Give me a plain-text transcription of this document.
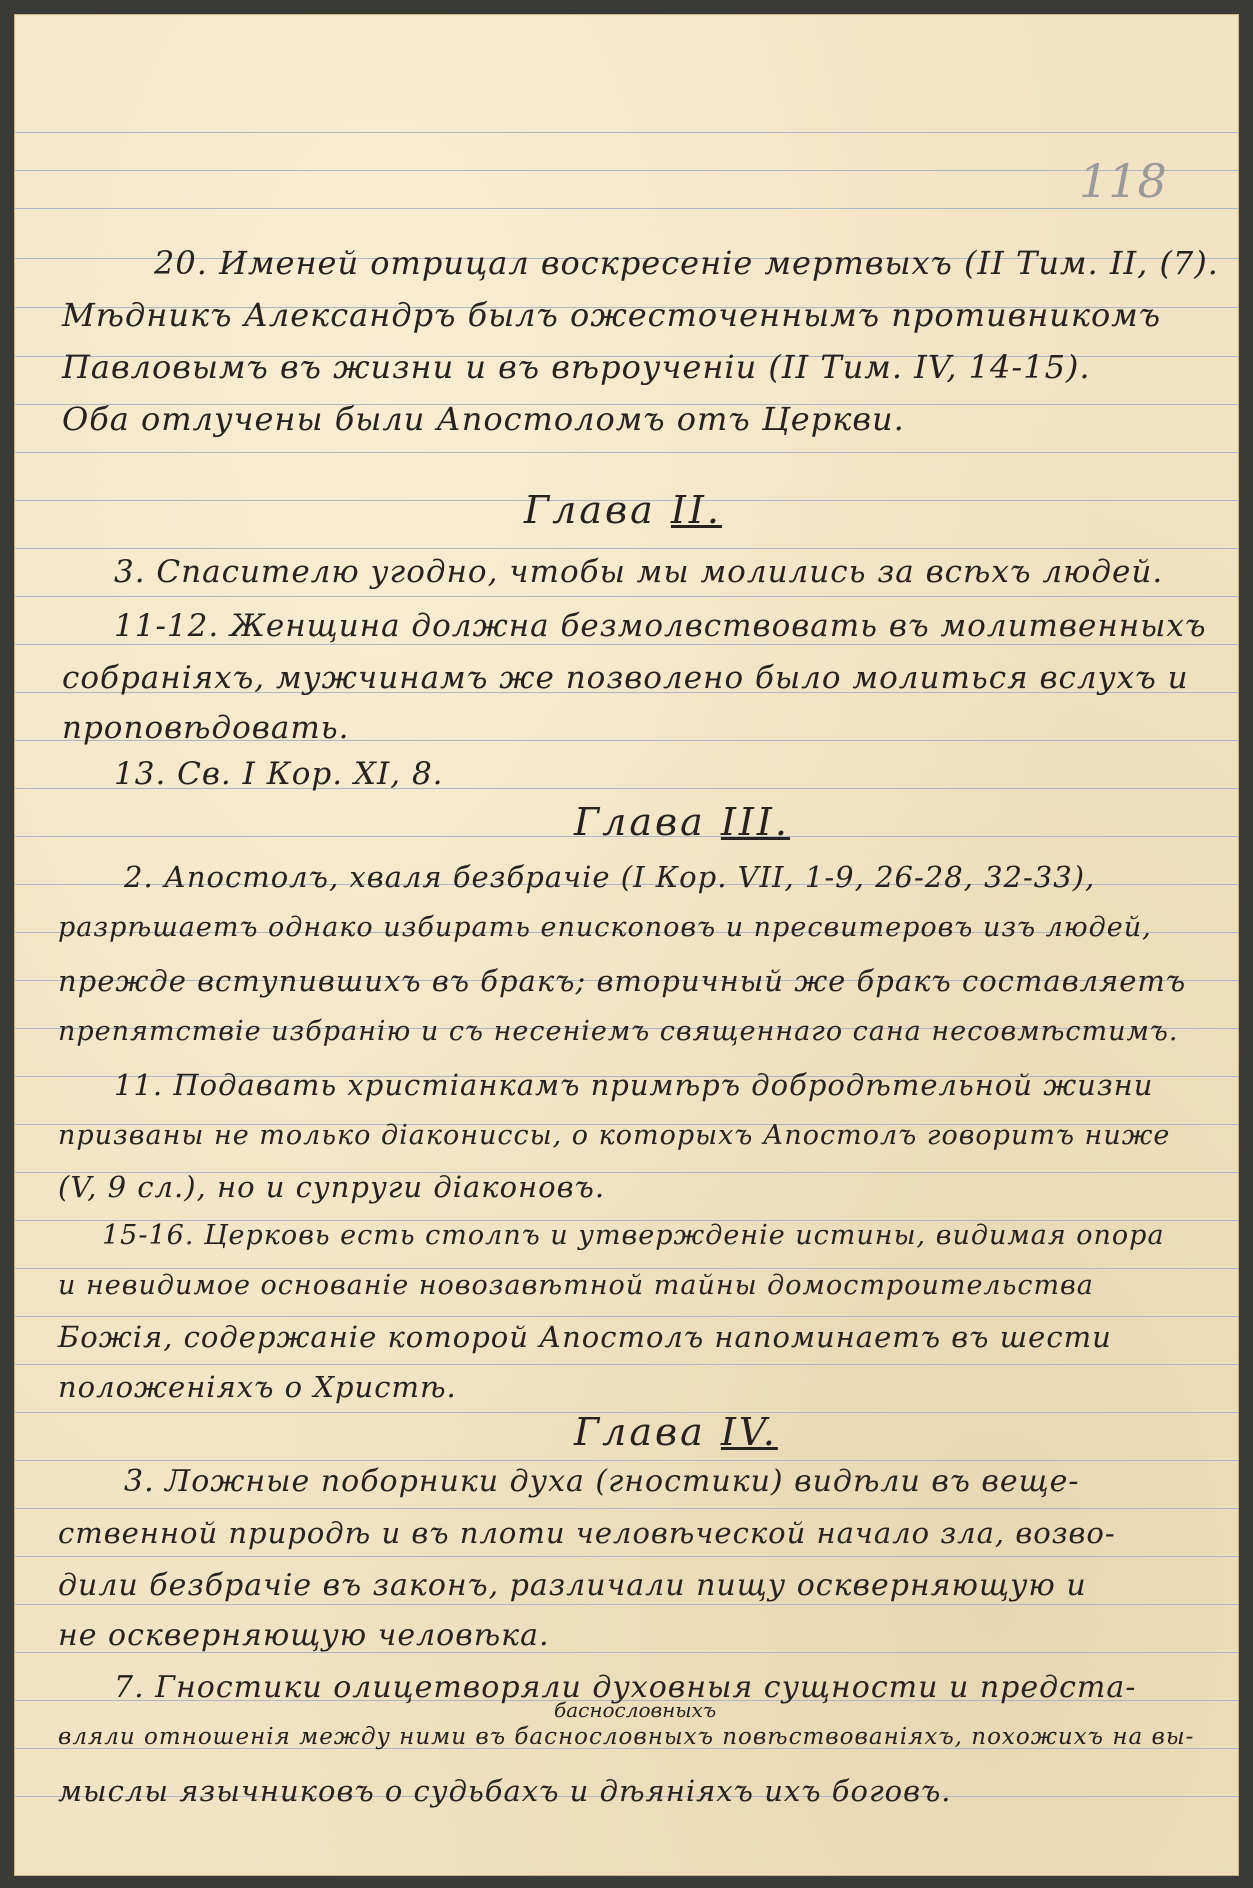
118
20. Именей отрицал воскресеніе мертвыхъ (II Тим. II, (7).
Мѣдникъ Александръ былъ ожесточеннымъ противникомъ
Павловымъ въ жизни и въ вѣроученіи (II Тим. IV, 14-15).
Оба отлучены были Апостоломъ отъ Церкви.
Глава II.
3. Спасителю угодно, чтобы мы молились за всѣхъ людей.
11-12. Женщина должна безмолвствовать въ молитвенныхъ
собраніяхъ, мужчинамъ же позволено было молиться вслухъ и
проповѣдовать.
13. Св. I Кор. XI, 8.
Глава III.
2. Апостолъ, хваля безбрачіе (I Кор. VII, 1-9, 26-28, 32-33),
разрѣшаетъ однако избирать епископовъ и пресвитеровъ изъ людей,
прежде вступившихъ въ бракъ; вторичный же бракъ составляетъ
препятствіе избранію и съ несеніемъ священнаго сана несовмѣстимъ.
11. Подавать христіанкамъ примѣръ добродѣтельной жизни
призваны не только діакониссы, о которыхъ Апостолъ говоритъ ниже
(V, 9 сл.), но и супруги діаконовъ.
15-16. Церковь есть столпъ и утвержденіе истины, видимая опора
и невидимое основаніе новозавѣтной тайны домостроительства
Божія, содержаніе которой Апостолъ напоминаетъ въ шести
положеніяхъ о Христѣ.
Глава IV.
3. Ложные поборники духа (гностики) видѣли въ веще-
ственной природѣ и въ плоти человѣческой начало зла, возво-
дили безбрачіе въ законъ, различали пищу оскверняющую и
не оскверняющую человѣка.
7. Гностики олицетворяли духовныя сущности и предста-
баснословныхъ
вляли отношенія между ними въ баснословныхъ повѣствованіяхъ, похожихъ на вы-
мыслы язычниковъ о судьбахъ и дѣяніяхъ ихъ боговъ.
